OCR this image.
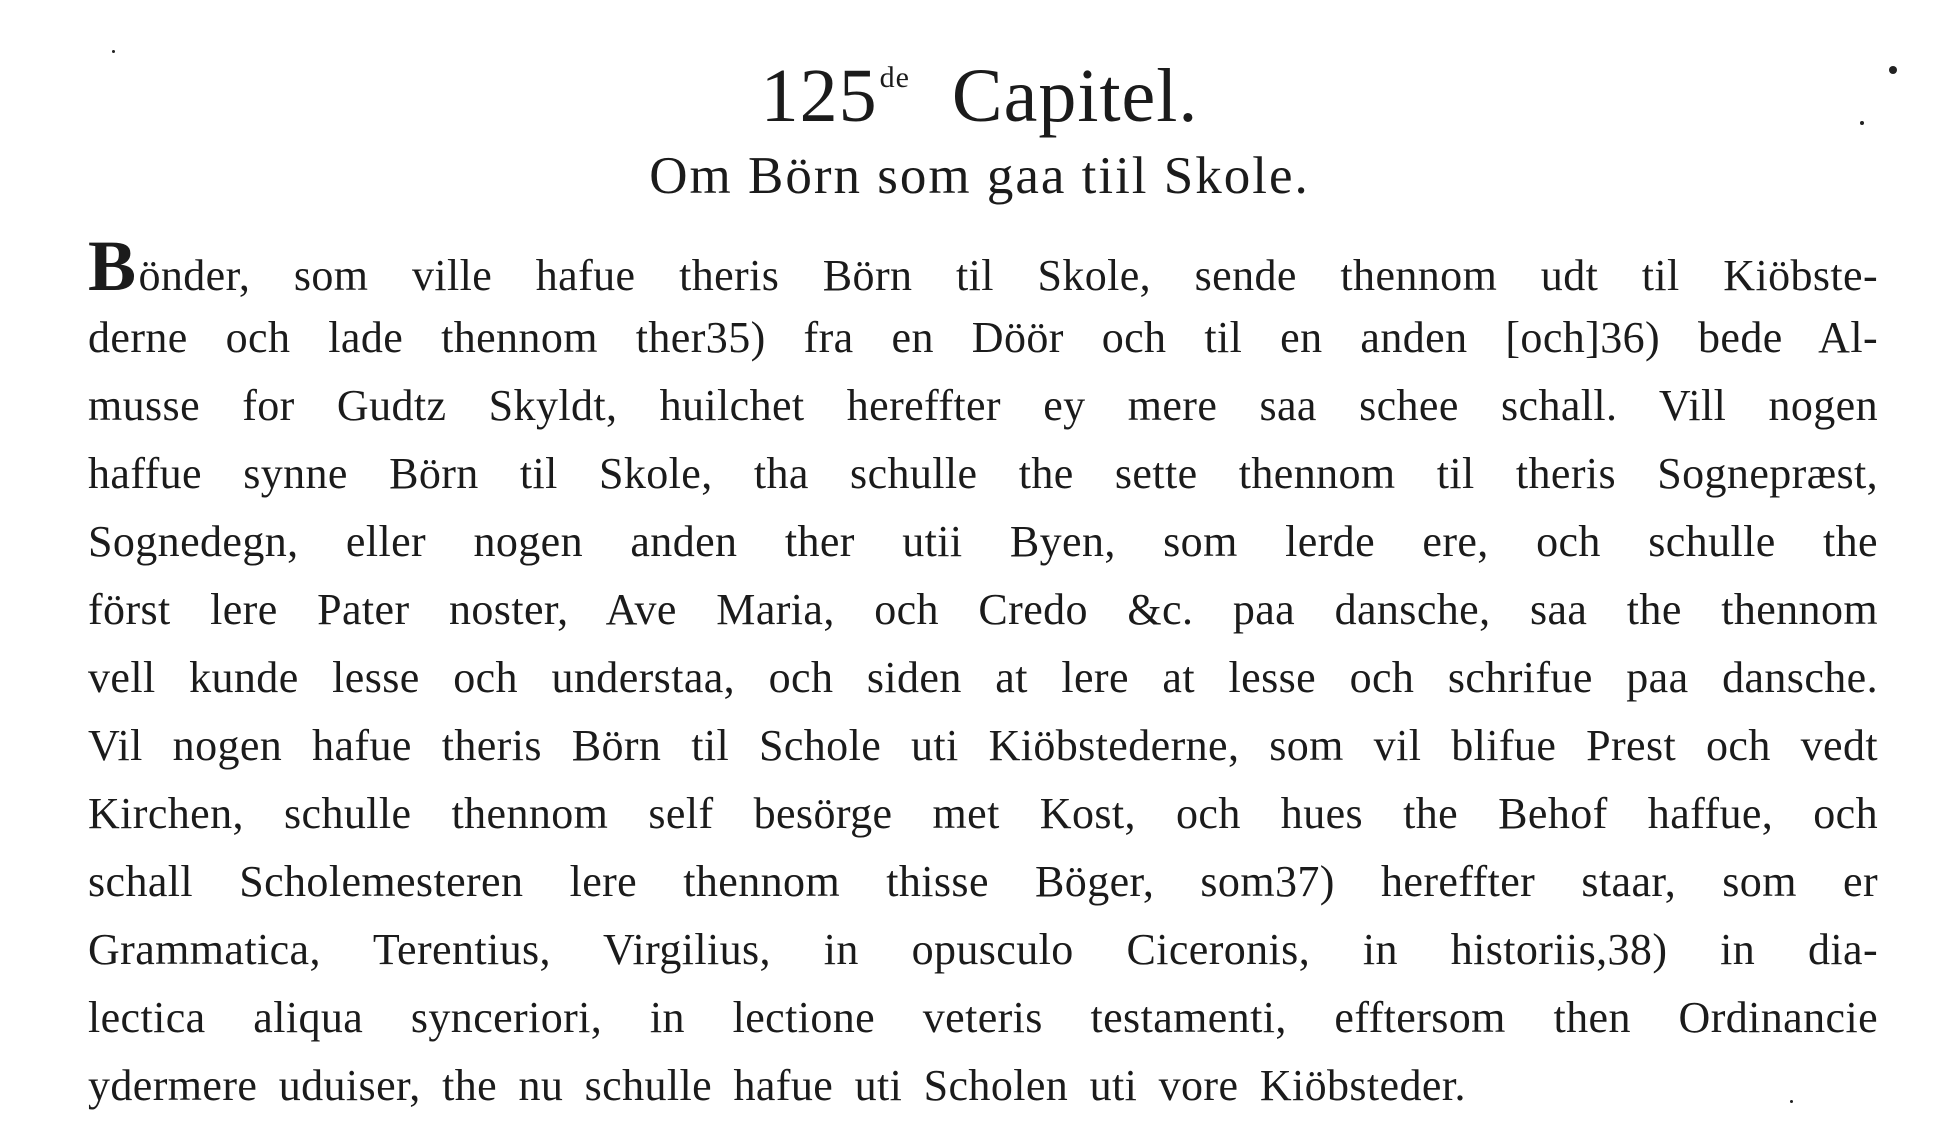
125de Capitel.
Om Börn som gaa tiil Skole.
Bönder, som ville hafue theris Börn til Skole, sende thennom udt til Kiöbste-
derne och lade thennom ther35) fra en Döör och til en anden [och]36) bede Al-
musse for Gudtz Skyldt, huilchet hereffter ey mere saa schee schall. Vill nogen
haffue synne Börn til Skole, tha schulle the sette thennom til theris Sognepræst,
Sognedegn, eller nogen anden ther utii Byen, som lerde ere, och schulle the
först lere Pater noster, Ave Maria, och Credo &c. paa dansche, saa the thennom
vell kunde lesse och understaa, och siden at lere at lesse och schrifue paa dansche.
Vil nogen hafue theris Börn til Schole uti Kiöbstederne, som vil blifue Prest och vedt
Kirchen, schulle thennom self besörge met Kost, och hues the Behof haffue, och
schall Scholemesteren lere thennom thisse Böger, som37) hereffter staar, som er
Grammatica, Terentius, Virgilius, in opusculo Ciceronis, in historiis,38) in dia-
lectica aliqua synceriori, in lectione veteris testamenti, efftersom then Ordinancie
ydermere uduiser, the nu schulle hafue uti Scholen uti vore Kiöbsteder.
